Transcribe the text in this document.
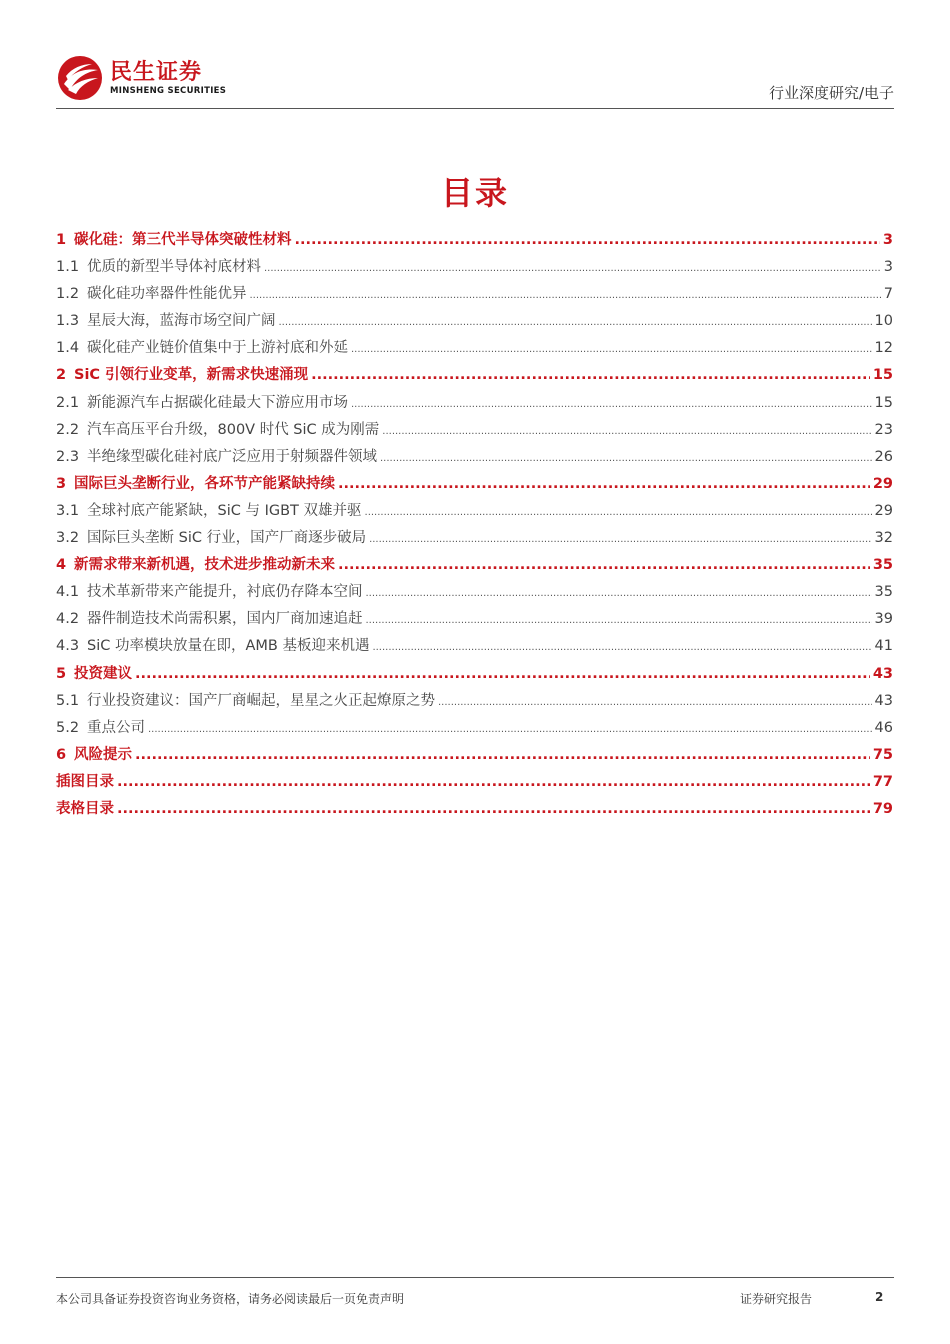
民生证券
MINSHENG SECURITIES	行业深度研究/电子
目录
1 碳化硅：第三代半导体突破性材料 .....	3
1.1 优质的新型半导体衬底材料 .....	3
1.2 碳化硅功率器件性能优异 .....	7
1.3 星辰大海，蓝海市场空间广阔 .....	10
1.4 碳化硅产业链价值集中于上游衬底和外延 .....	12
2 SiC 引领行业变革，新需求快速涌现 .....	15
2.1 新能源汽车占据碳化硅最大下游应用市场 .....	15
2.2 汽车高压平台升级，800V 时代 SiC 成为刚需 .....	23
2.3 半绝缘型碳化硅衬底广泛应用于射频器件领域 .....	26
3 国际巨头垄断行业，各环节产能紧缺持续 .....	29
3.1 全球衬底产能紧缺，SiC 与 IGBT 双雄并驱 .....	29
3.2 国际巨头垄断 SiC 行业，国产厂商逐步破局 .....	32
4 新需求带来新机遇，技术进步推动新未来 .....	35
4.1 技术革新带来产能提升，衬底仍存降本空间 .....	35
4.2 器件制造技术尚需积累，国内厂商加速追赶 .....	39
4.3 SiC 功率模块放量在即，AMB 基板迎来机遇 .....	41
5 投资建议 .....	43
5.1 行业投资建议：国产厂商崛起，星星之火正起燎原之势 .....	43
5.2 重点公司 .....	46
6 风险提示 .....	75
插图目录 .....	77
表格目录 .....	79
本公司具备证券投资咨询业务资格，请务必阅读最后一页免责声明	证券研究报告	2
